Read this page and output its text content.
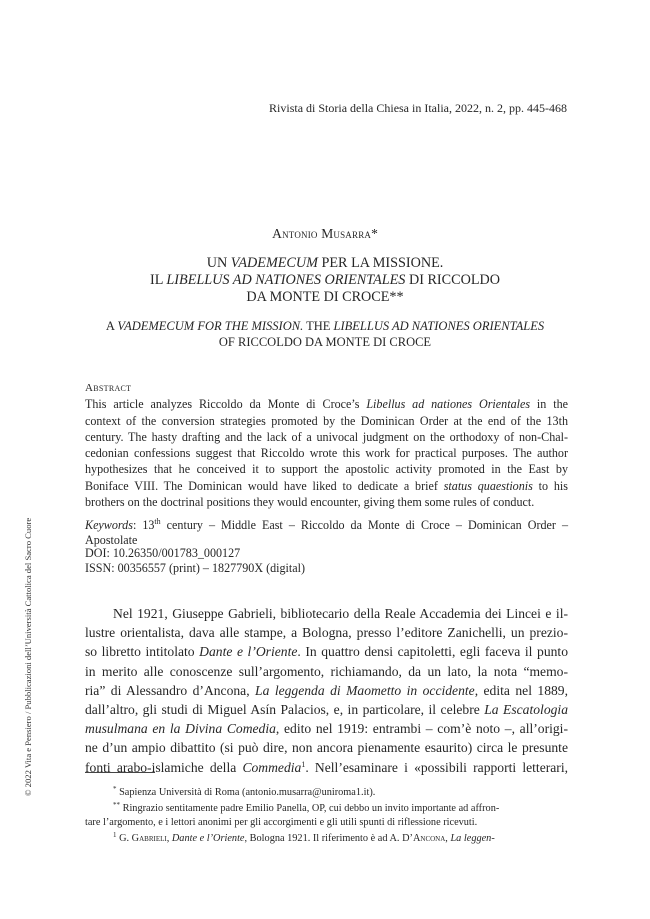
Rivista di Storia della Chiesa in Italia, 2022, n. 2, pp. 445-468
Antonio Musarra*
UN VADEMECUM PER LA MISSIONE.
IL LIBELLUS AD NATIONES ORIENTALES DI RICCOLDO
DA MONTE DI CROCE**
A VADEMECUM FOR THE MISSION. THE LIBELLUS AD NATIONES ORIENTALES
OF RICCOLDO DA MONTE DI CROCE
Abstract
This article analyzes Riccoldo da Monte di Croce’s Libellus ad nationes Orientales in the
context of the conversion strategies promoted by the Dominican Order at the end of the 13th
century. The hasty drafting and the lack of a univocal judgment on the orthodoxy of non-Chal-
cedonian confessions suggest that Riccoldo wrote this work for practical purposes. The author
hypothesizes that he conceived it to support the apostolic activity promoted in the East by
Boniface VIII. The Dominican would have liked to dedicate a brief status quaestionis to his
brothers on the doctrinal positions they would encounter, giving them some rules of conduct.
Keywords: 13th century – Middle East – Riccoldo da Monte di Croce – Dominican Order –
Apostolate
DOI: 10.26350/001783_000127
ISSN: 00356557 (print) – 1827790X (digital)
Nel 1921, Giuseppe Gabrieli, bibliotecario della Reale Accademia dei Lincei e il-
lustre orientalista, dava alle stampe, a Bologna, presso l’editore Zanichelli, un prezio-
so libretto intitolato Dante e l’Oriente. In quattro densi capitoletti, egli faceva il punto
in merito alle conoscenze sull’argomento, richiamando, da un lato, la nota “memo-
ria” di Alessandro d’Ancona, La leggenda di Maometto in occidente, edita nel 1889,
dall’altro, gli studi di Miguel Asín Palacios, e, in particolare, il celebre La Escatologia
musulmana en la Divina Comedia, edito nel 1919: entrambi – com’è noto –, all’origi-
ne d’un ampio dibattito (si può dire, non ancora pienamente esaurito) circa le presunte
fonti arabo-islamiche della Commedia$^1$. Nell’esaminare i «possibili rapporti letterari,
* Sapienza Università di Roma (antonio.musarra@uniroma1.it).
** Ringrazio sentitamente padre Emilio Panella, OP, cui debbo un invito importante ad affron-
tare l’argomento, e i lettori anonimi per gli accorgimenti e gli utili spunti di riflessione ricevuti.
$^1$ G. Gabrieli, Dante e l’Oriente, Bologna 1921. Il riferimento è ad A. D’Ancona, La leggen-
© 2022 Vita e Pensiero / Pubblicazioni dell’Università Cattolica del Sacro Cuore
